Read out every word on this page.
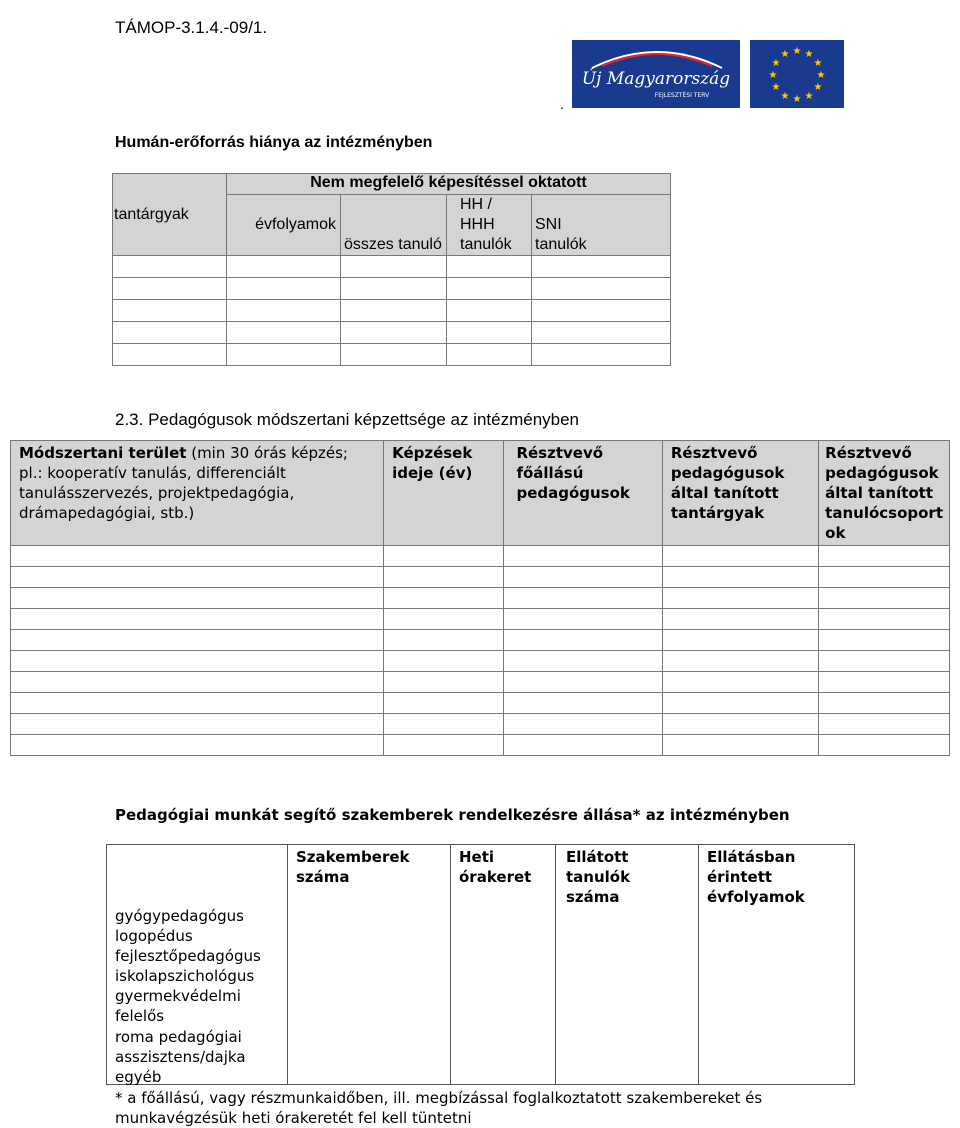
TÁMOP-3.1.4.-09/1.
Új Magyarország
FEJLESZTÉSI TERV
★ ★
★
★
★
★
★
★
★
★
★
★
.
Humán-erőforrás hiánya az intézményben
tantárgyak	Nem megfelelő képesítéssel oktatott			
	évfolyamok	összes tanuló	HH / HHH tanulók	SNI tanulók

2.3. Pedagógusok módszertani képzettsége az intézményben
Módszertani terület (min 30 órás képzés; pl.: kooperatív tanulás, differenciált tanulásszervezés, projektpedagógia, drámapedagógiai, stb.)	Képzések ideje (év)	Résztvevő főállású pedagógusok	Résztvevő pedagógusok által tanított tantárgyak	Résztvevő pedagógusok által tanított tanulócsoport ok

Pedagógiai munkát segítő szakemberek rendelkezésre állása* az intézményben
	Szakemberek száma	Heti órakeret	Ellátott tanulók száma	Ellátásban érintett évfolyamok
gyógypedagógus
logopédus
fejlesztőpedagógus
iskolapszichológus
gyermekvédelmi felelős
roma pedagógiai asszisztens/dajka
egyéb
* a főállású, vagy részmunkaidőben, ill. megbízással foglalkoztatott szakembereket és munkavégzésük heti órakeretét fel kell tüntetni
